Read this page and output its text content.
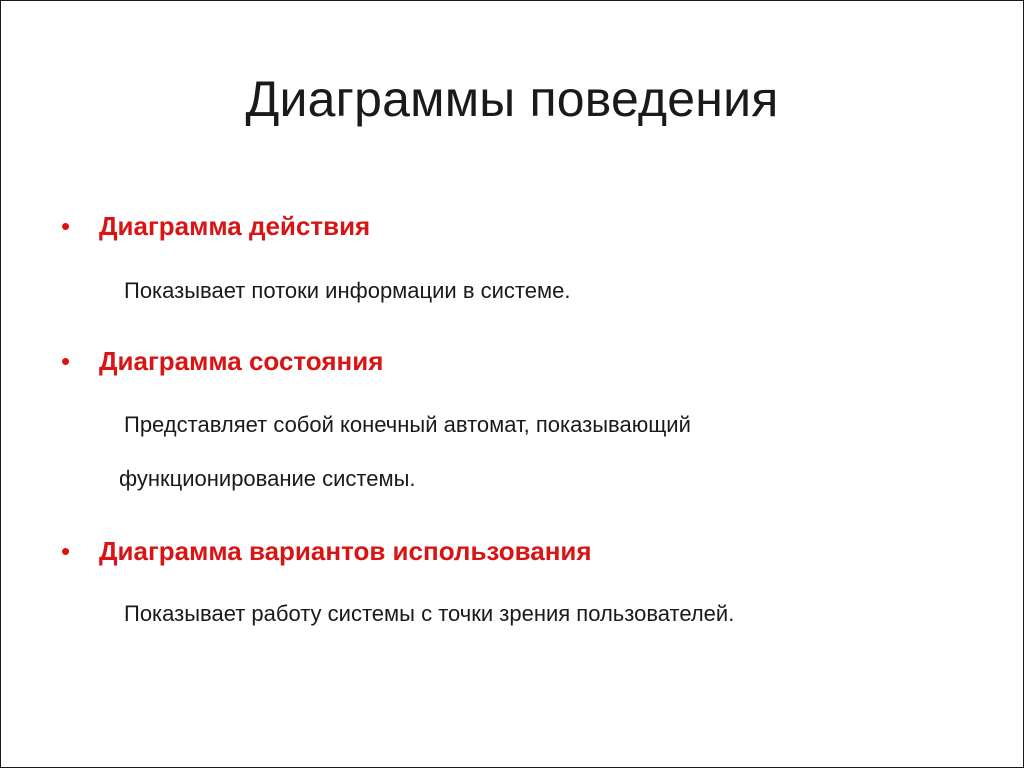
Диаграммы поведения
•	Диаграмма действия
Показывает потоки информации в системе.
•	Диаграмма состояния
Представляет собой конечный автомат, показывающий
функционирование системы.
•	Диаграмма вариантов использования
Показывает работу системы с точки зрения пользователей.
